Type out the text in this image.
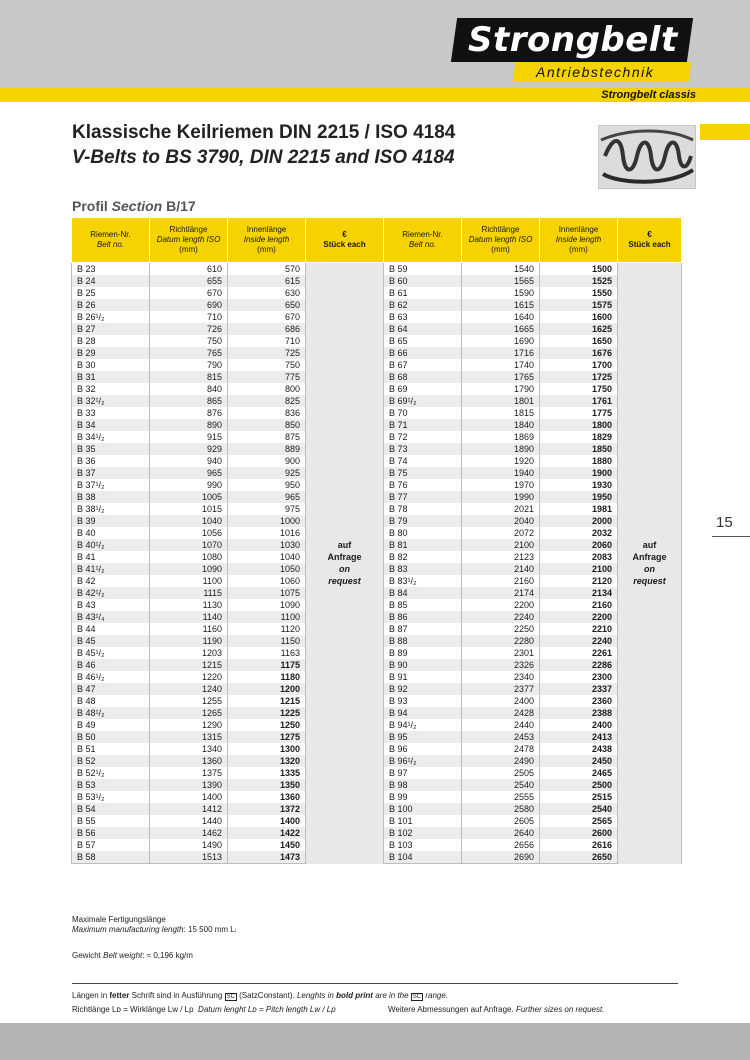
Strongbelt
Antriebstechnik
Strongbelt classis
Klassische Keilriemen DIN 2215 / ISO 4184
V-Belts to BS 3790, DIN 2215 and ISO 4184
Profil Section B/17
Riemen-Nr.
Belt no.	Richtlänge
Datum length ISO
(mm)	Innenlänge
Inside length
(mm)	€
Stück each	Riemen-Nr.
Belt no.	Richtlänge
Datum length ISO
(mm)	Innenlänge
Inside length
(mm)	€
Stück each

B 23	610	570	auf
Anfrage
on
request	B 59	1540	1500	auf
Anfrage
on
request

B 24	655	615		B 60	1565	1525	
B 25	670	630		B 61	1590	1550	
B 26	690	650		B 62	1615	1575	
B 26¹/₂	710	670		B 63	1640	1600	
B 27	726	686		B 64	1665	1625	
B 28	750	710		B 65	1690	1650	
B 29	765	725		B 66	1716	1676	
B 30	790	750		B 67	1740	1700	
B 31	815	775		B 68	1765	1725	
B 32	840	800		B 69	1790	1750	
B 32¹/₂	865	825		B 69¹/₂	1801	1761	
B 33	876	836		B 70	1815	1775	
B 34	890	850		B 71	1840	1800	
B 34¹/₂	915	875		B 72	1869	1829	
B 35	929	889		B 73	1890	1850	
B 36	940	900		B 74	1920	1880	
B 37	965	925		B 75	1940	1900	
B 37¹/₂	990	950		B 76	1970	1930	
B 38	1005	965		B 77	1990	1950	
B 38¹/₂	1015	975		B 78	2021	1981	
B 39	1040	1000		B 79	2040	2000	
B 40	1056	1016		B 80	2072	2032	
B 40¹/₂	1070	1030		B 81	2100	2060	
B 41	1080	1040		B 82	2123	2083	
B 41¹/₂	1090	1050		B 83	2140	2100	
B 42	1100	1060		B 83¹/₂	2160	2120	
B 42¹/₂	1115	1075		B 84	2174	2134	
B 43	1130	1090		B 85	2200	2160	
B 43¹/₄	1140	1100		B 86	2240	2200	
B 44	1160	1120		B 87	2250	2210	
B 45	1190	1150		B 88	2280	2240	
B 45¹/₂	1203	1163		B 89	2301	2261	
B 46	1215	1175		B 90	2326	2286	
B 46¹/₂	1220	1180		B 91	2340	2300	
B 47	1240	1200		B 92	2377	2337	
B 48	1255	1215		B 93	2400	2360	
B 48¹/₂	1265	1225		B 94	2428	2388	
B 49	1290	1250		B 94¹/₂	2440	2400	
B 50	1315	1275		B 95	2453	2413	
B 51	1340	1300		B 96	2478	2438	
B 52	1360	1320		B 96¹/₂	2490	2450	
B 52¹/₂	1375	1335		B 97	2505	2465	
B 53	1390	1350		B 98	2540	2500	
B 53¹/₂	1400	1360		B 99	2555	2515	
B 54	1412	1372		B 100	2580	2540	
B 55	1440	1400		B 101	2605	2565	
B 56	1462	1422		B 102	2640	2600	
B 57	1490	1450		B 103	2656	2616	
B 58	1513	1473		B 104	2690	2650	
15
Maximale Fertigungslänge
Maximum manufacturing length: 15 500 mm Lᵢ
Gewicht Belt weight: ≈ 0,196 kg/m
Längen in fetter Schrift sind in Ausführung SC (SatzConstant). Lenghts in bold print are in the SC range.
Richtlänge Lᴅ = Wirklänge Lw / Lp Datum lenght Lᴅ = Pitch length Lw / Lp	Weitere Abmessungen auf Anfrage. Further sizes on request.
